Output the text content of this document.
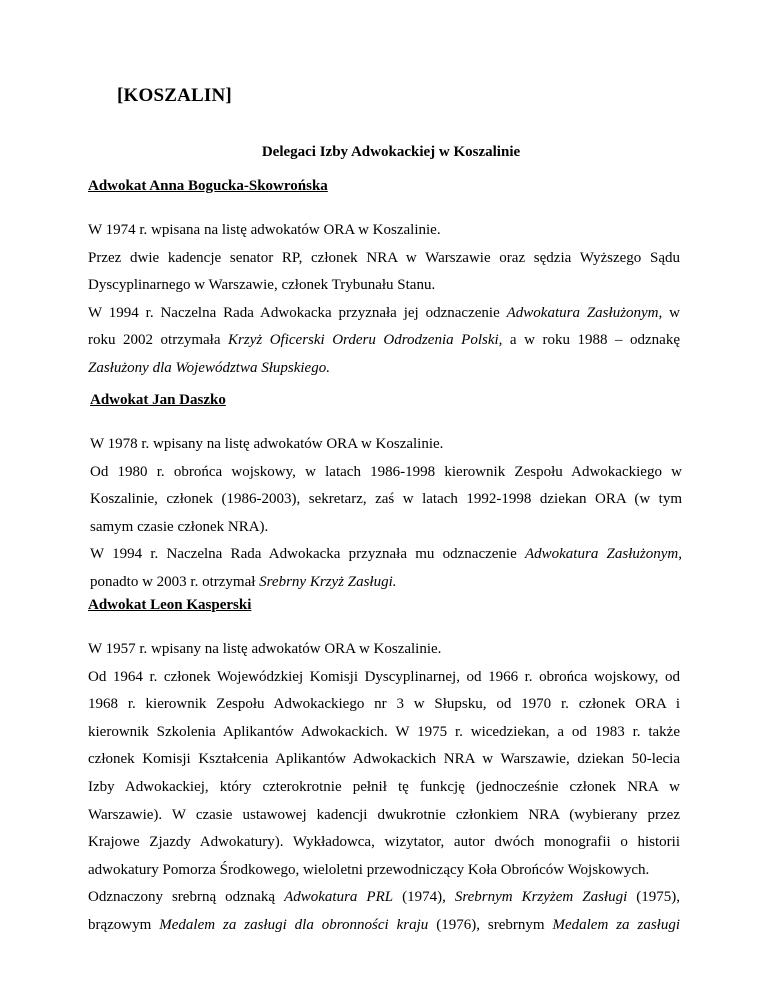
[KOSZALIN]
Delegaci Izby Adwokackiej w Koszalinie
Adwokat Anna Bogucka-Skowrońska
W 1974 r. wpisana na listę adwokatów ORA w Koszalinie.
Przez dwie kadencje senator RP, członek NRA w Warszawie oraz sędzia Wyższego Sądu
Dyscyplinarnego w Warszawie, członek Trybunału Stanu.
W 1994 r. Naczelna Rada Adwokacka przyznała jej odznaczenie Adwokatura Zasłużonym, w
roku 2002 otrzymała Krzyż Oficerski Orderu Odrodzenia Polski, a w roku 1988 – odznakę
Zasłużony dla Województwa Słupskiego.
Adwokat Jan Daszko
W 1978 r. wpisany na listę adwokatów ORA w Koszalinie.
Od 1980 r. obrońca wojskowy, w latach 1986-1998 kierownik Zespołu Adwokackiego w
Koszalinie, członek (1986-2003), sekretarz, zaś w latach 1992-1998 dziekan ORA (w tym
samym czasie członek NRA).
W 1994 r. Naczelna Rada Adwokacka przyznała mu odznaczenie Adwokatura Zasłużonym,
ponadto w 2003 r. otrzymał Srebrny Krzyż Zasługi.
Adwokat Leon Kasperski
W 1957 r. wpisany na listę adwokatów ORA w Koszalinie.
Od 1964 r. członek Wojewódzkiej Komisji Dyscyplinarnej, od 1966 r. obrońca wojskowy, od
1968 r. kierownik Zespołu Adwokackiego nr 3 w Słupsku, od 1970 r. członek ORA i
kierownik Szkolenia Aplikantów Adwokackich. W 1975 r. wicedziekan, a od 1983 r. także
członek Komisji Kształcenia Aplikantów Adwokackich NRA w Warszawie, dziekan 50-lecia
Izby Adwokackiej, który czterokrotnie pełnił tę funkcję (jednocześnie członek NRA w
Warszawie). W czasie ustawowej kadencji dwukrotnie członkiem NRA (wybierany przez
Krajowe Zjazdy Adwokatury). Wykładowca, wizytator, autor dwóch monografii o historii
adwokatury Pomorza Środkowego, wieloletni przewodniczący Koła Obrońców Wojskowych.
Odznaczony srebrną odznaką Adwokatura PRL (1974), Srebrnym Krzyżem Zasługi (1975),
brązowym Medalem za zasługi dla obronności kraju (1976), srebrnym Medalem za zasługi
